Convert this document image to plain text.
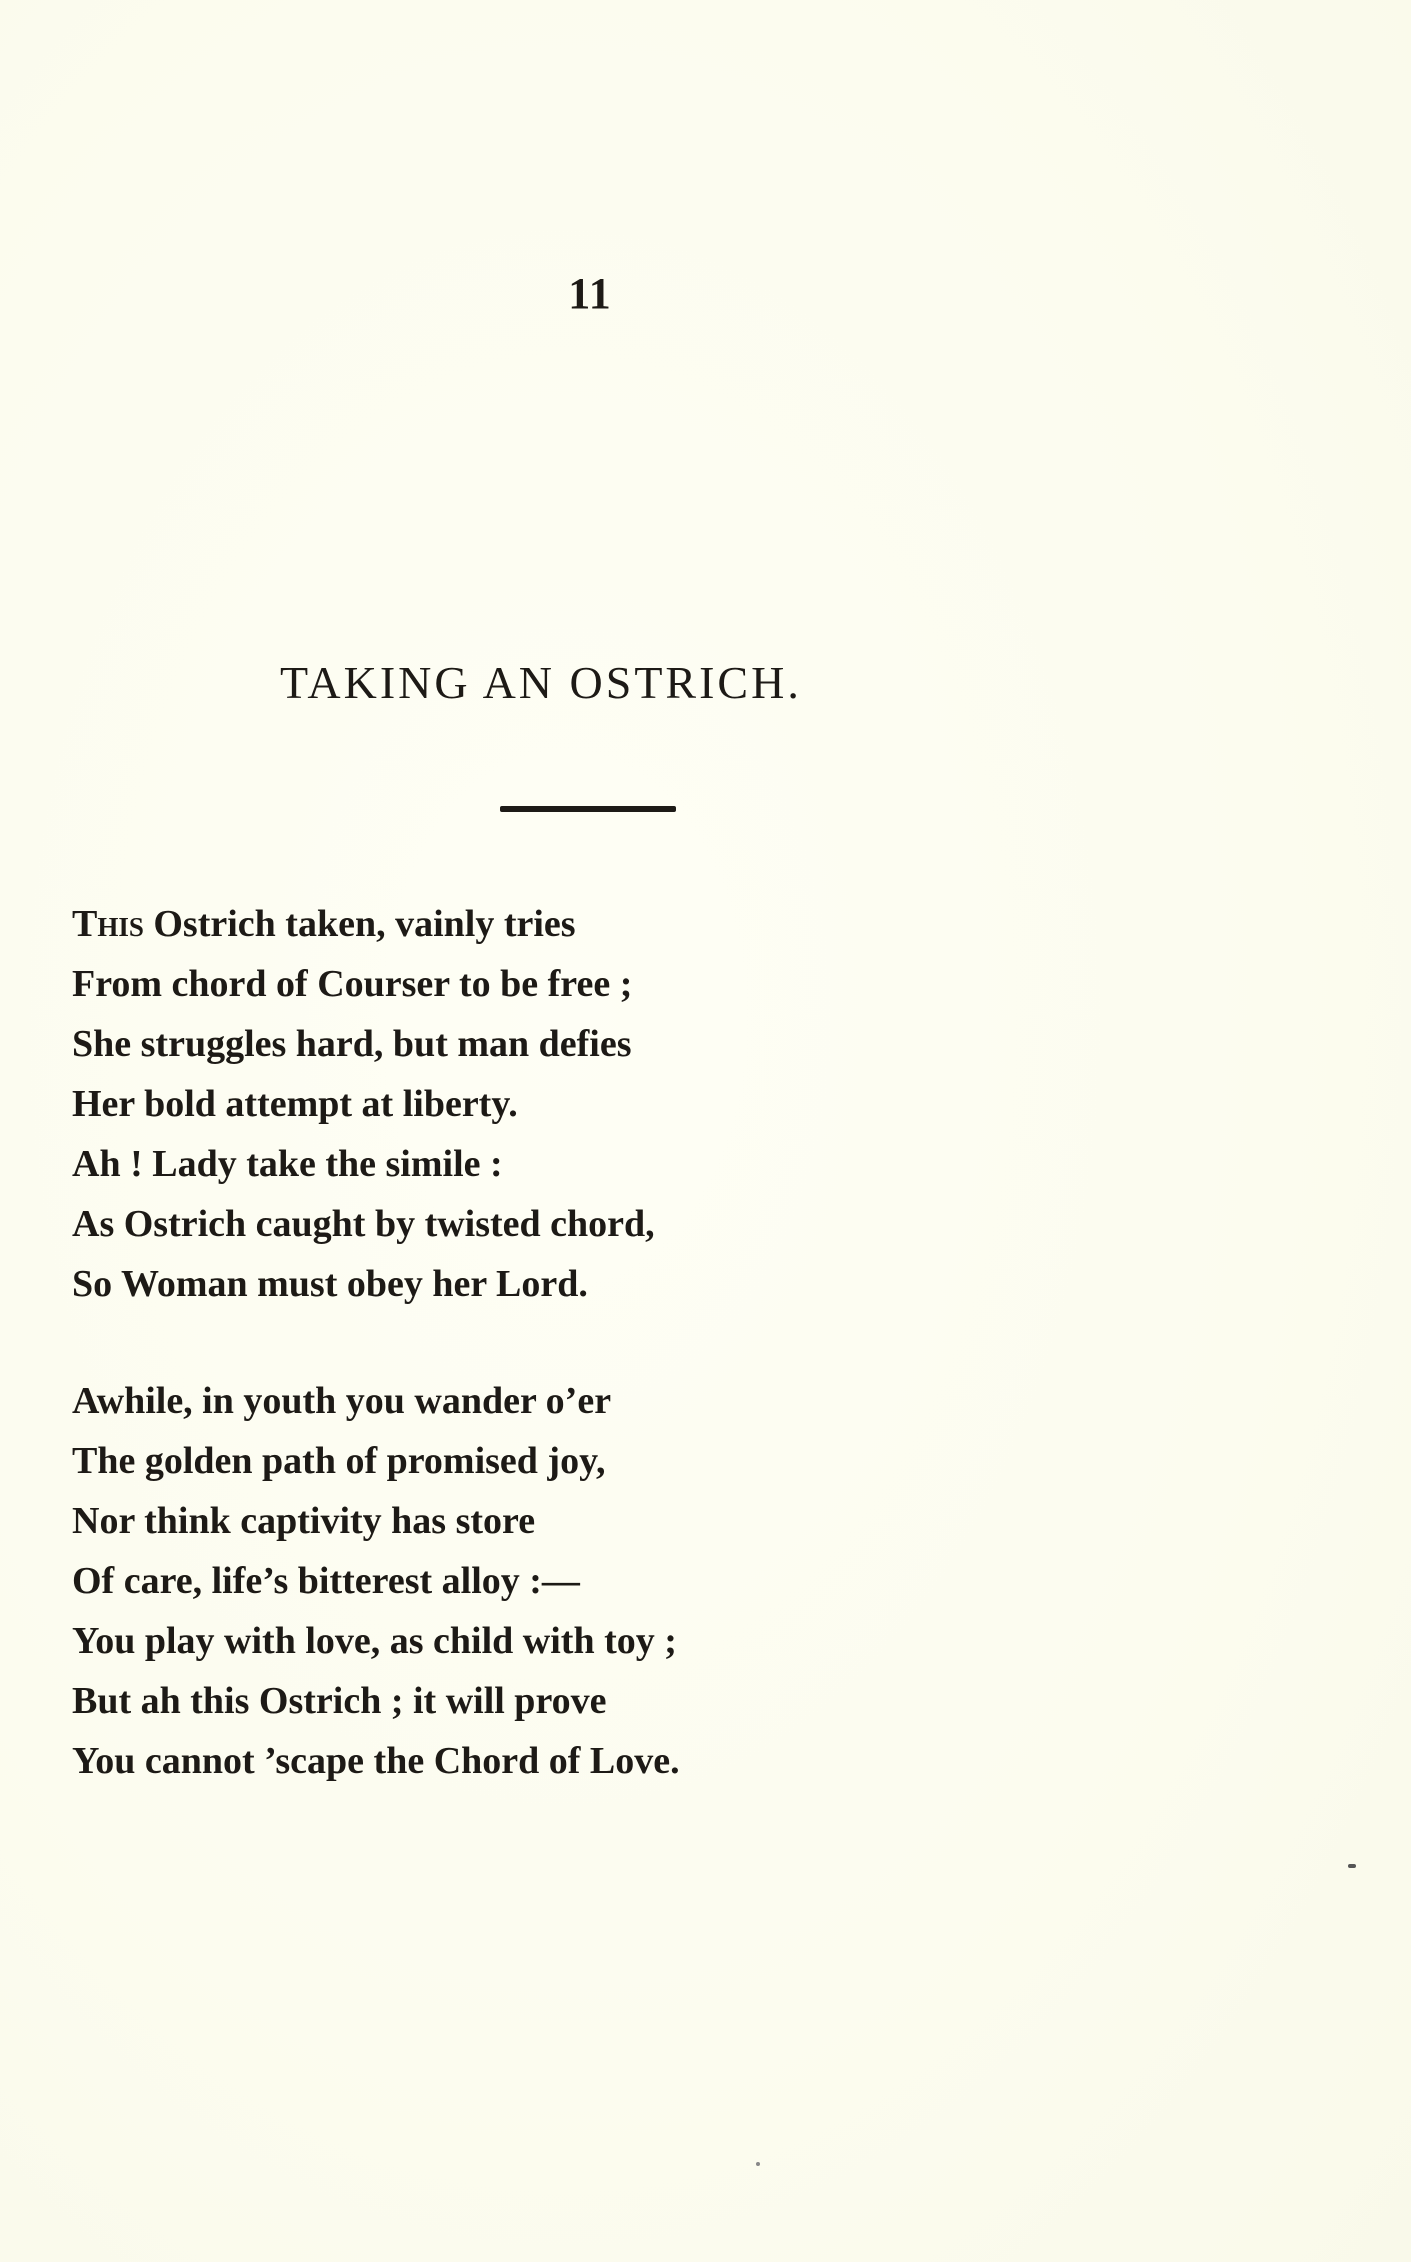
11
TAKING AN OSTRICH.
This Ostrich taken, vainly tries
From chord of Courser to be free ;
She struggles hard, but man defies
Her bold attempt at liberty.
Ah ! Lady take the simile :
As Ostrich caught by twisted chord,
So Woman must obey her Lord.
Awhile, in youth you wander o’er
The golden path of promised joy,
Nor think captivity has store
Of care, life’s bitterest alloy :—
You play with love, as child with toy ;
But ah this Ostrich ; it will prove
You cannot ’scape the Chord of Love.
